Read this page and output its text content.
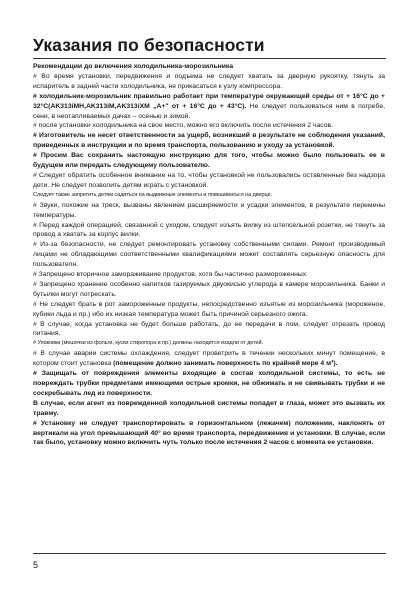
Указания по безопасности

Рекомендации до включения холодильника-морозильника

# Во время установки, передвижения и подъема не следует хватать за дверную рукоятку, тянуть за испаритель в задней части холодильника, не прикасаться к узлу компрессора.

# холодильник-морозильник правильно работает при температуре окружающей среды от + 16°C до + 32°C(AK313iMH,AK313iM,AK313iXM „A+" от + 16°C до + 43°C). Не следует пользоваться ним в погребе, сени, в неотапливаемых дачах – осенью и зимой.

# после установки холодильника на свое место, можно его включить после истечения 2 часов.

# Изготовитель не несет ответственности за ущерб, возникший в результате не соблюдения указаний, приведенных в инструкции и по время транспорта, пользованию и уходу за установкой.

# Просим Вас сохранить настоящую инструкцию для того, чтобы можно было пользовать ее в будущем или передать следующему пользователю.

# Следует обратить особенное внимание на то, чтобы установкой не пользовались оставленные без надзора дети. Не следует позволить детям играть с установкой.

Следует также запретить детям садиться на выдвижные элементы и повешиваться на дверце.

# Звуки, похожие на треск, вызваны явлением расширяемости и усадки элементов, в результате перемены температуры.

# Перед каждой операцией, связанной с уходом, следует изъять вилку из штепсельной розетки, не тянуть за провод а хватать за корпус вилки.

# Из-за безопасности, не следует ремонтировать установку собственными силами. Ремонт производимый лицами не обладающими соответственными квалификациями может составлять серьезную опасность для пользователя.

# Запрещено вторичное замораживание продуктов, хотя бы частично размороженных.

# Запрещено хранение особенно напитков газируемых двуокисью углерода в камере морозильника. Банки и бутылки могут потрескать.

# Не следует брать в рот замороженные продукты, непосредственно изъятые из морозильника (мороженое, кубики льда и пр.) ибо их низкая температура может быть причиной серьезного ожога.

# В случае, когда установка не будет больше работать, до ее передачи в лом, следует отрезать провод питания.

# Упаковки (мешочки из фольги, куски стиропора и пр.) должны находится изадли от детей.

# В случае аварии системы охлаждения, следует проветрить в течении нескольких минут помещение, в котором стоит установка (помещение должно занимать поверхность по крайней мере 4 м³).

# Защищать от повреждения элементы входящие в состав холодильной системы, то есть не повреждать трубки предметами имеющими острые кромки, не обжимать и не свивывать трубки и не соскребывать лед из поверхности.

В случае, если агент из поврежденной холодильной системы попадет в глаза, может это вызвать их травму.

# Установку не следует транспортировать в горизонтальном (лежачем) положении, наклонять от вертикали на угол превышающий 40° во время транспорта, передвижения и установки. В случае, если так было, установку можно включить чуть только после истечения 2 часов с момента ее установки.

5
